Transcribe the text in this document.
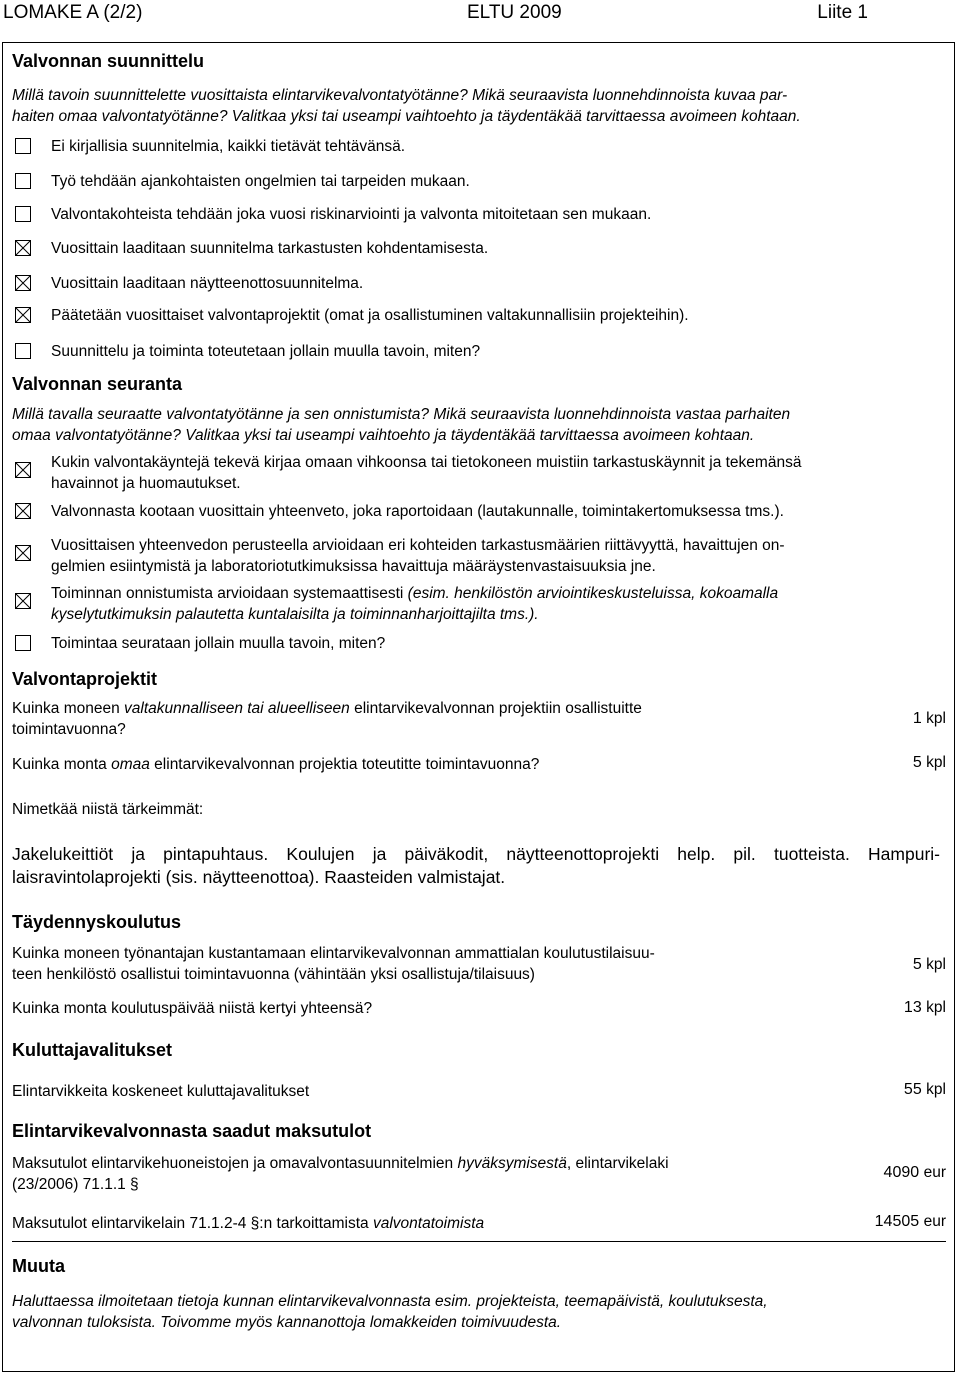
LOMAKE A (2/2)	ELTU 2009	Liite 1
Valvonnan suunnittelu
Millä tavoin suunnittelette vuosittaista elintarvikevalvontatyötänne? Mikä seuraavista luonnehdinnoista kuvaa par-
haiten omaa valvontatyötänne? Valitkaa yksi tai useampi vaihtoehto ja täydentäkää tarvittaessa avoimeen kohtaan.
Ei kirjallisia suunnitelmia, kaikki tietävät tehtävänsä.
Työ tehdään ajankohtaisten ongelmien tai tarpeiden mukaan.
Valvontakohteista tehdään joka vuosi riskinarviointi ja valvonta mitoitetaan sen mukaan.
Vuosittain laaditaan suunnitelma tarkastusten kohdentamisesta.
Vuosittain laaditaan näytteenottosuunnitelma.
Päätetään vuosittaiset valvontaprojektit (omat ja osallistuminen valtakunnallisiin projekteihin).
Suunnittelu ja toiminta toteutetaan jollain muulla tavoin, miten?
Valvonnan seuranta
Millä tavalla seuraatte valvontatyötänne ja sen onnistumista? Mikä seuraavista luonnehdinnoista vastaa parhaiten
omaa valvontatyötänne? Valitkaa yksi tai useampi vaihtoehto ja täydentäkää tarvittaessa avoimeen kohtaan.
Kukin valvontakäyntejä tekevä kirjaa omaan vihkoonsa tai tietokoneen muistiin tarkastuskäynnit ja tekemänsä
havainnot ja huomautukset.
Valvonnasta kootaan vuosittain yhteenveto, joka raportoidaan (lautakunnalle, toimintakertomuksessa tms.).
Vuosittaisen yhteenvedon perusteella arvioidaan eri kohteiden tarkastusmäärien riittävyyttä, havaittujen on-
gelmien esiintymistä ja laboratoriotutkimuksissa havaittuja määräystenvastaisuuksia jne.
Toiminnan onnistumista arvioidaan systemaattisesti (esim. henkilöstön arviointikeskusteluissa, kokoamalla
kyselytutkimuksin palautetta kuntalaisilta ja toiminnanharjoittajilta tms.).
Toimintaa seurataan jollain muulla tavoin, miten?
Valvontaprojektit
Kuinka moneen valtakunnalliseen tai alueelliseen elintarvikevalvonnan projektiin osallistuitte
toimintavuonna?
1 kpl
Kuinka monta omaa elintarvikevalvonnan projektia toteutitte toimintavuonna?	5 kpl
Nimetkää niistä tärkeimmät:
Jakelukeittiöt ja pintapuhtaus. Koulujen ja päiväkodit, näytteenottoprojekti help. pil. tuotteista. Hampuri-laisravintolaprojekti (sis. näytteenottoa). Raasteiden valmistajat.
Täydennyskoulutus
Kuinka moneen työnantajan kustantamaan elintarvikevalvonnan ammattialan koulutustilaisuu-
teen henkilöstö osallistui toimintavuonna (vähintään yksi osallistuja/tilaisuus)
5 kpl
Kuinka monta koulutuspäivää niistä kertyi yhteensä?	13 kpl
Kuluttajavalitukset
Elintarvikkeita koskeneet kuluttajavalitukset	55 kpl
Elintarvikevalvonnasta saadut maksutulot
Maksutulot elintarvikehuoneistojen ja omavalvontasuunnitelmien hyväksymisestä, elintarvikelaki
(23/2006) 71.1.1 §
4090 eur
Maksutulot elintarvikelain 71.1.2-4 §:n tarkoittamista valvontatoimista	14505 eur
Muuta
Haluttaessa ilmoitetaan tietoja kunnan elintarvikevalvonnasta esim. projekteista, teemapäivistä, koulutuksesta,
valvonnan tuloksista. Toivomme myös kannanottoja lomakkeiden toimivuudesta.
